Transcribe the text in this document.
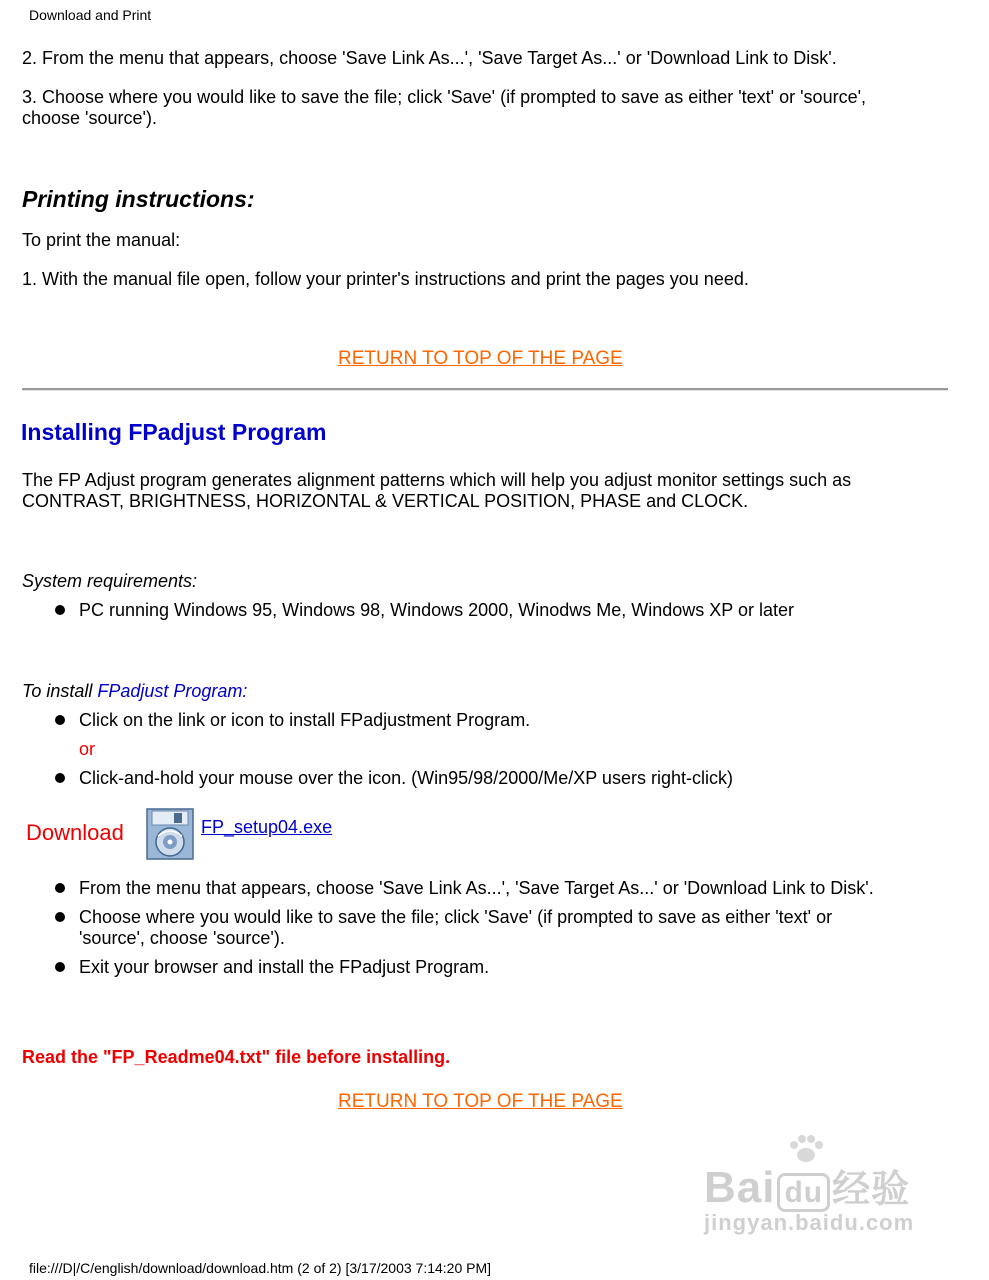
Download and Print
2. From the menu that appears, choose 'Save Link As...', 'Save Target As...' or 'Download Link to Disk'.
3. Choose where you would like to save the file; click 'Save' (if prompted to save as either 'text' or 'source',
choose 'source').
Printing instructions:
To print the manual:
1. With the manual file open, follow your printer's instructions and print the pages you need.
RETURN TO TOP OF THE PAGE
Installing FPadjust Program
The FP Adjust program generates alignment patterns which will help you adjust monitor settings such as
CONTRAST, BRIGHTNESS, HORIZONTAL & VERTICAL POSITION, PHASE and CLOCK.
System requirements:
PC running Windows 95, Windows 98, Windows 2000, Winodws Me, Windows XP or later
To install FPadjust Program:
Click on the link or icon to install FPadjustment Program.
or
Click-and-hold your mouse over the icon. (Win95/98/2000/Me/XP users right-click)
Download	FP_setup04.exe
From the menu that appears, choose 'Save Link As...', 'Save Target As...' or 'Download Link to Disk'.
Choose where you would like to save the file; click 'Save' (if prompted to save as either 'text' or
'source', choose 'source').
Exit your browser and install the FPadjust Program.
Read the "FP_Readme04.txt" file before installing.
RETURN TO TOP OF THE PAGE
Bai du 经验
jingyan.baidu.com
file:///D|/C/english/download/download.htm (2 of 2) [3/17/2003 7:14:20 PM]
